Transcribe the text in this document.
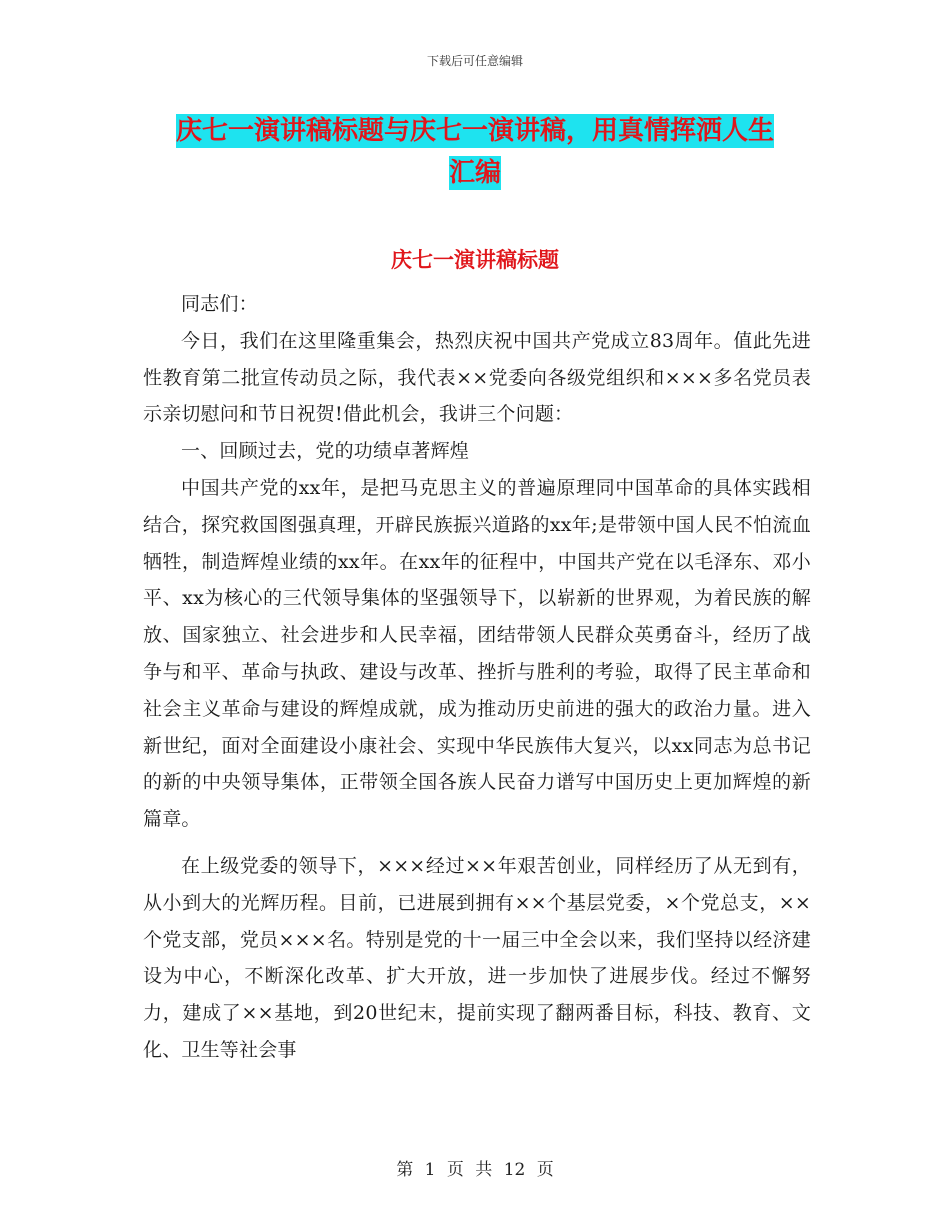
下载后可任意编辑
庆七一演讲稿标题与庆七一演讲稿，用真情挥洒人生
汇编
庆七一演讲稿标题

同志们：

今日，我们在这里隆重集会，热烈庆祝中国共产党成立83周年。值此先进性教育第二批宣传动员之际，我代表××党委向各级党组织和×××多名党员表示亲切慰问和节日祝贺!借此机会，我讲三个问题：

一、回顾过去，党的功绩卓著辉煌

中国共产党的xx年，是把马克思主义的普遍原理同中国革命的具体实践相结合，探究救国图强真理，开辟民族振兴道路的xx年;是带领中国人民不怕流血牺牲，制造辉煌业绩的xx年。在xx年的征程中，中国共产党在以毛泽东、邓小平、xx为核心的三代领导集体的坚强领导下，以崭新的世界观，为着民族的解放、国家独立、社会进步和人民幸福，团结带领人民群众英勇奋斗，经历了战争与和平、革命与执政、建设与改革、挫折与胜利的考验，取得了民主革命和社会主义革命与建设的辉煌成就，成为推动历史前进的强大的政治力量。进入新世纪，面对全面建设小康社会、实现中华民族伟大复兴，以xx同志为总书记的新的中央领导集体，正带领全国各族人民奋力谱写中国历史上更加辉煌的新篇章。

在上级党委的领导下，×××经过××年艰苦创业，同样经历了从无到有，从小到大的光辉历程。目前，已进展到拥有××个基层党委，×个党总支，××个党支部，党员×××名。特别是党的十一届三中全会以来，我们坚持以经济建设为中心，不断深化改革、扩大开放，进一步加快了进展步伐。经过不懈努力，建成了××基地，到20世纪末，提前实现了翻两番目标，科技、教育、文化、卫生等社会事

第 1 页 共 12 页
